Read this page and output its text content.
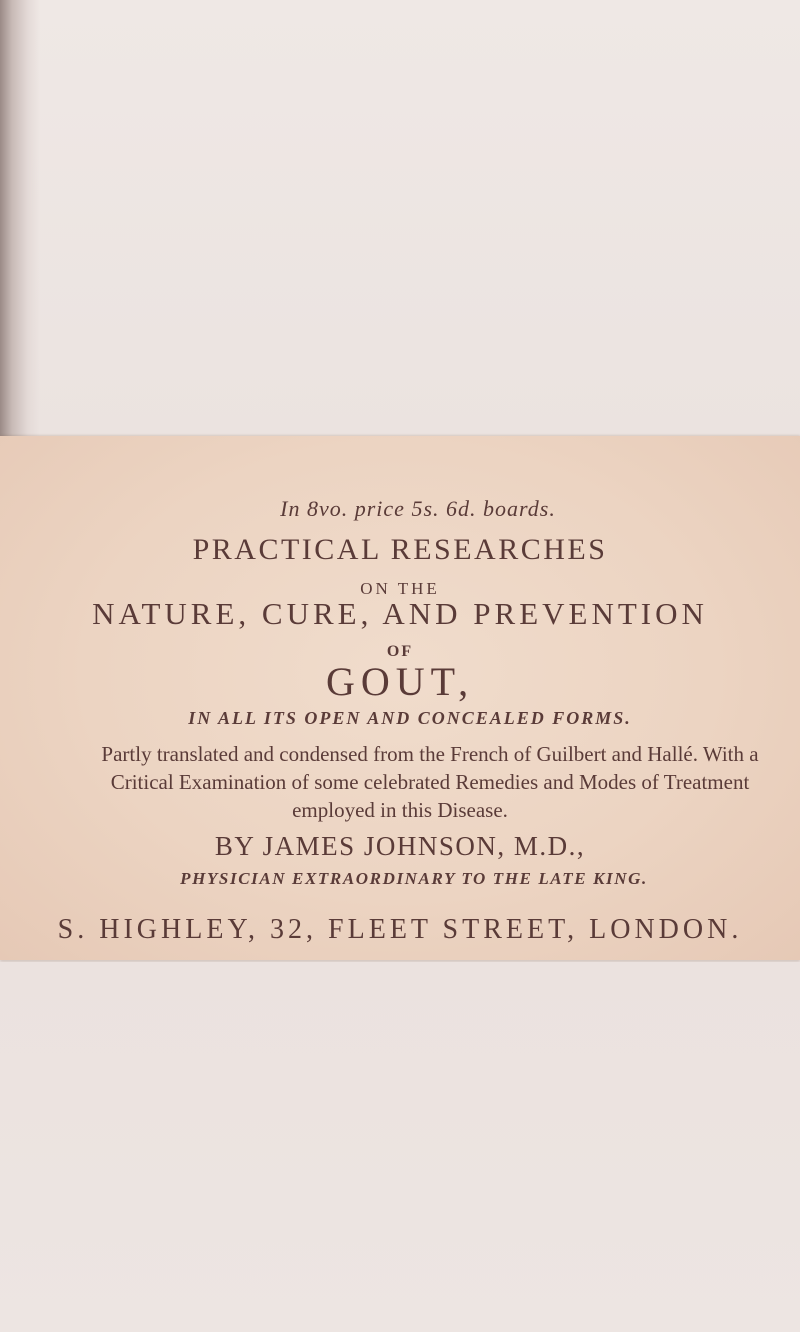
In 8vo. price 5s. 6d. boards.
PRACTICAL RESEARCHES
ON THE
NATURE, CURE, AND PREVENTION
OF
GOUT,
IN ALL ITS OPEN AND CONCEALED FORMS.
Partly translated and condensed from the French of Guilbert and Hallé. With a
Critical Examination of some celebrated Remedies and Modes of Treatment
employed in this Disease.
BY JAMES JOHNSON, M.D.,
PHYSICIAN EXTRAORDINARY TO THE LATE KING.
S. HIGHLEY, 32, FLEET STREET, LONDON.
